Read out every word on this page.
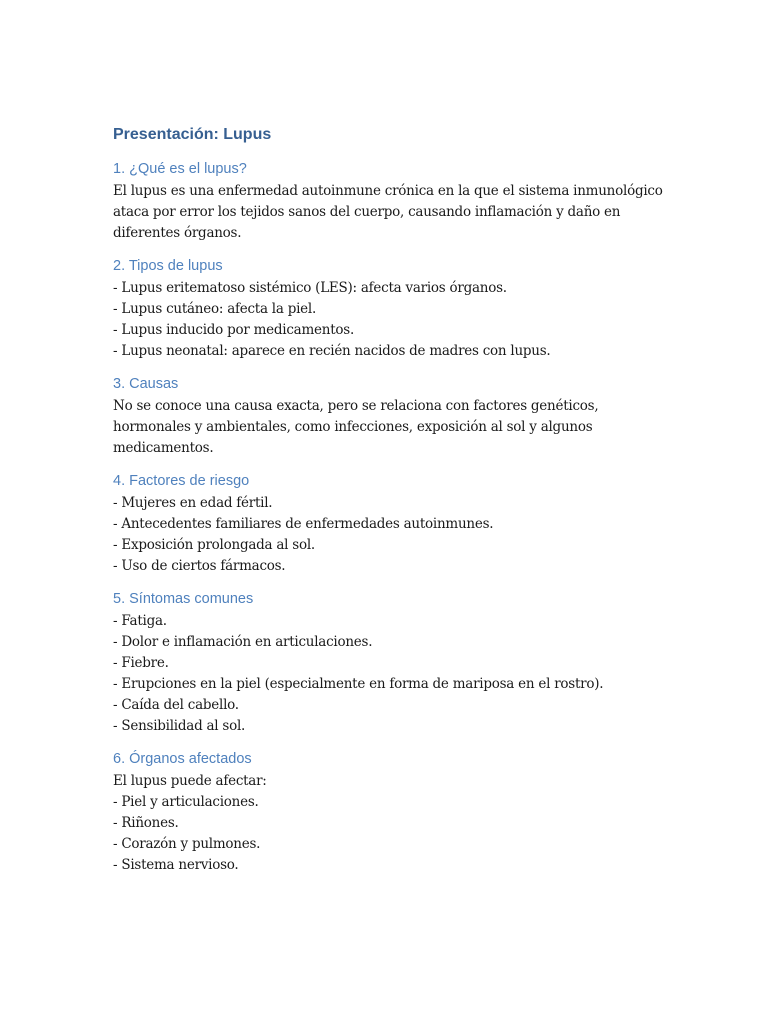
Presentación: Lupus
1. ¿Qué es el lupus?

El lupus es una enfermedad autoinmune crónica en la que el sistema inmunológico ataca por error los tejidos sanos del cuerpo, causando inflamación y daño en diferentes órganos.

2. Tipos de lupus
- Lupus eritematoso sistémico (LES): afecta varios órganos.
- Lupus cutáneo: afecta la piel.
- Lupus inducido por medicamentos.
- Lupus neonatal: aparece en recién nacidos de madres con lupus.
3. Causas

No se conoce una causa exacta, pero se relaciona con factores genéticos, hormonales y ambientales, como infecciones, exposición al sol y algunos medicamentos.

4. Factores de riesgo
- Mujeres en edad fértil.
- Antecedentes familiares de enfermedades autoinmunes.
- Exposición prolongada al sol.
- Uso de ciertos fármacos.
5. Síntomas comunes
- Fatiga.
- Dolor e inflamación en articulaciones.
- Fiebre.
- Erupciones en la piel (especialmente en forma de mariposa en el rostro).
- Caída del cabello.
- Sensibilidad al sol.
6. Órganos afectados
El lupus puede afectar:
- Piel y articulaciones.
- Riñones.
- Corazón y pulmones.
- Sistema nervioso.
